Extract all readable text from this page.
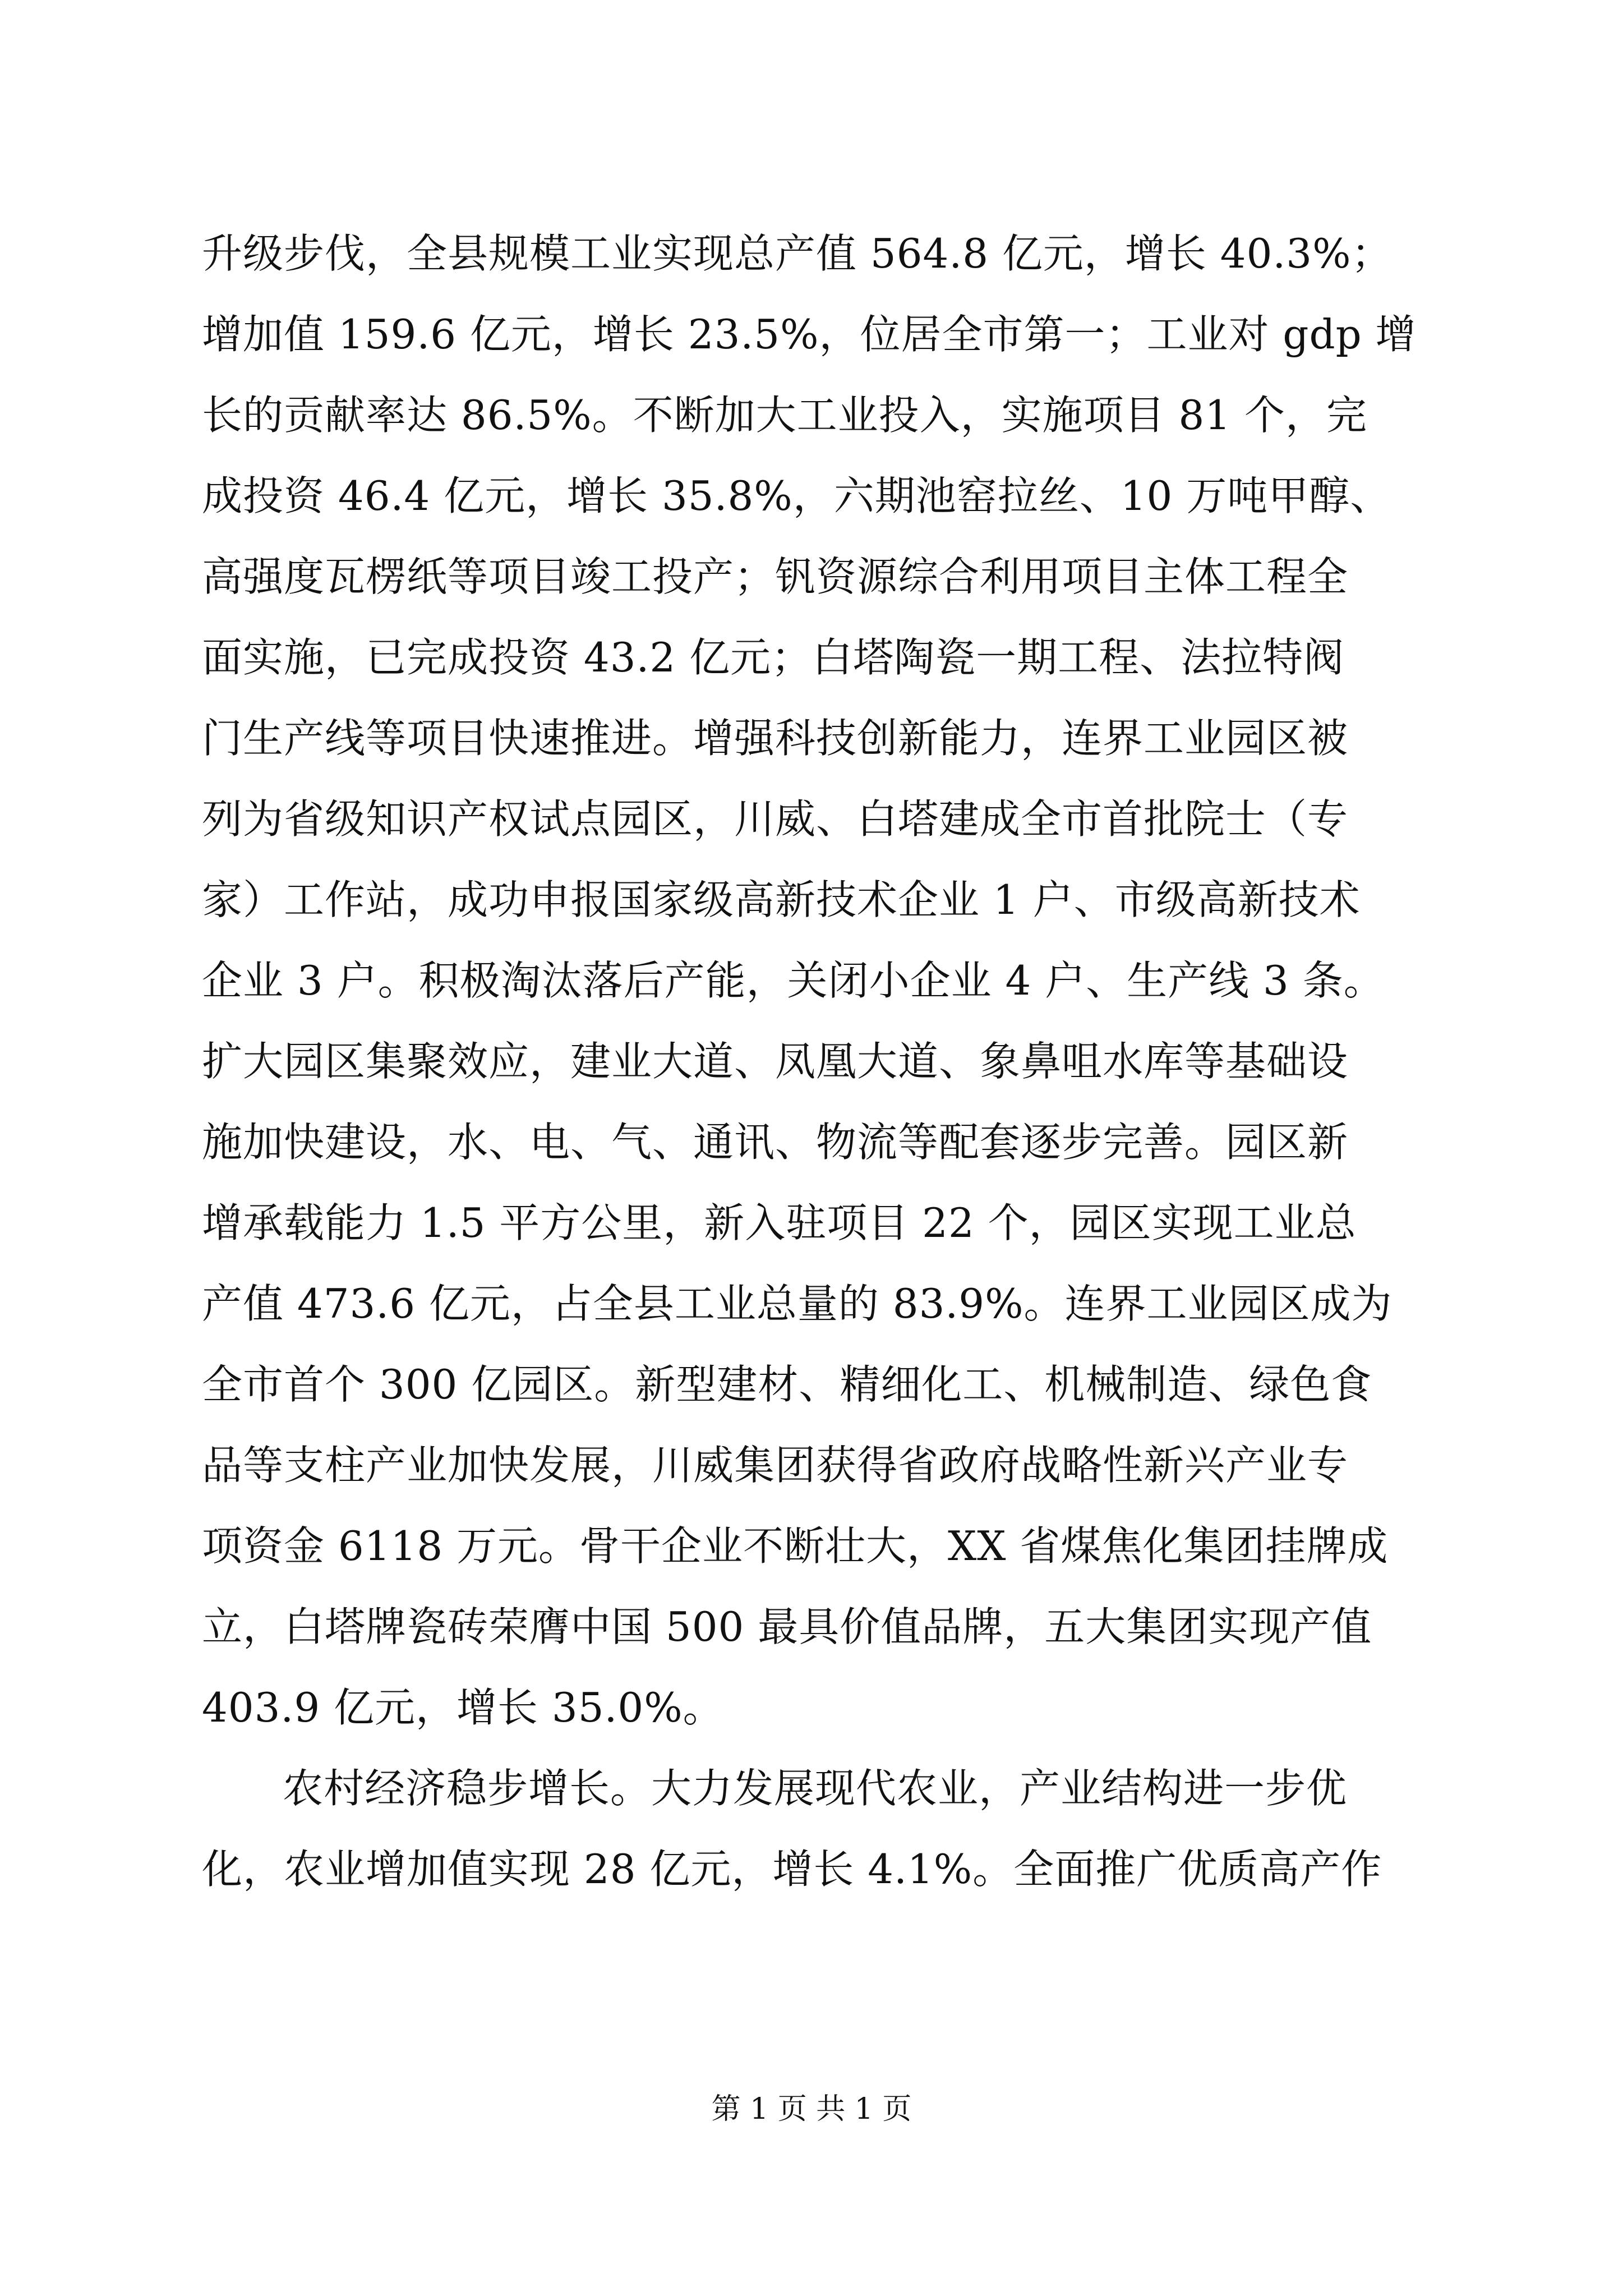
升级步伐，全县规模工业实现总产值 564.8 亿元，增长 40.3%；
增加值 159.6 亿元，增长 23.5%，位居全市第一；工业对 gdp 增
长的贡献率达 86.5%。不断加大工业投入，实施项目 81 个，完
成投资 46.4 亿元，增长 35.8%，六期池窑拉丝、10 万吨甲醇、
高强度瓦楞纸等项目竣工投产；钒资源综合利用项目主体工程全
面实施，已完成投资 43.2 亿元；白塔陶瓷一期工程、法拉特阀
门生产线等项目快速推进。增强科技创新能力，连界工业园区被
列为省级知识产权试点园区，川威、白塔建成全市首批院士（专
家）工作站，成功申报国家级高新技术企业 1 户、市级高新技术
企业 3 户。积极淘汰落后产能，关闭小企业 4 户、生产线 3 条。
扩大园区集聚效应，建业大道、凤凰大道、象鼻咀水库等基础设
施加快建设，水、电、气、通讯、物流等配套逐步完善。园区新
增承载能力 1.5 平方公里，新入驻项目 22 个，园区实现工业总
产值 473.6 亿元，占全县工业总量的 83.9%。连界工业园区成为
全市首个 300 亿园区。新型建材、精细化工、机械制造、绿色食
品等支柱产业加快发展，川威集团获得省政府战略性新兴产业专
项资金 6118 万元。骨干企业不断壮大，XX 省煤焦化集团挂牌成
立，白塔牌瓷砖荣膺中国 500 最具价值品牌，五大集团实现产值
403.9 亿元，增长 35.0%。
农村经济稳步增长。大力发展现代农业，产业结构进一步优
化，农业增加值实现 28 亿元，增长 4.1%。全面推广优质高产作
第 1 页 共 1 页
